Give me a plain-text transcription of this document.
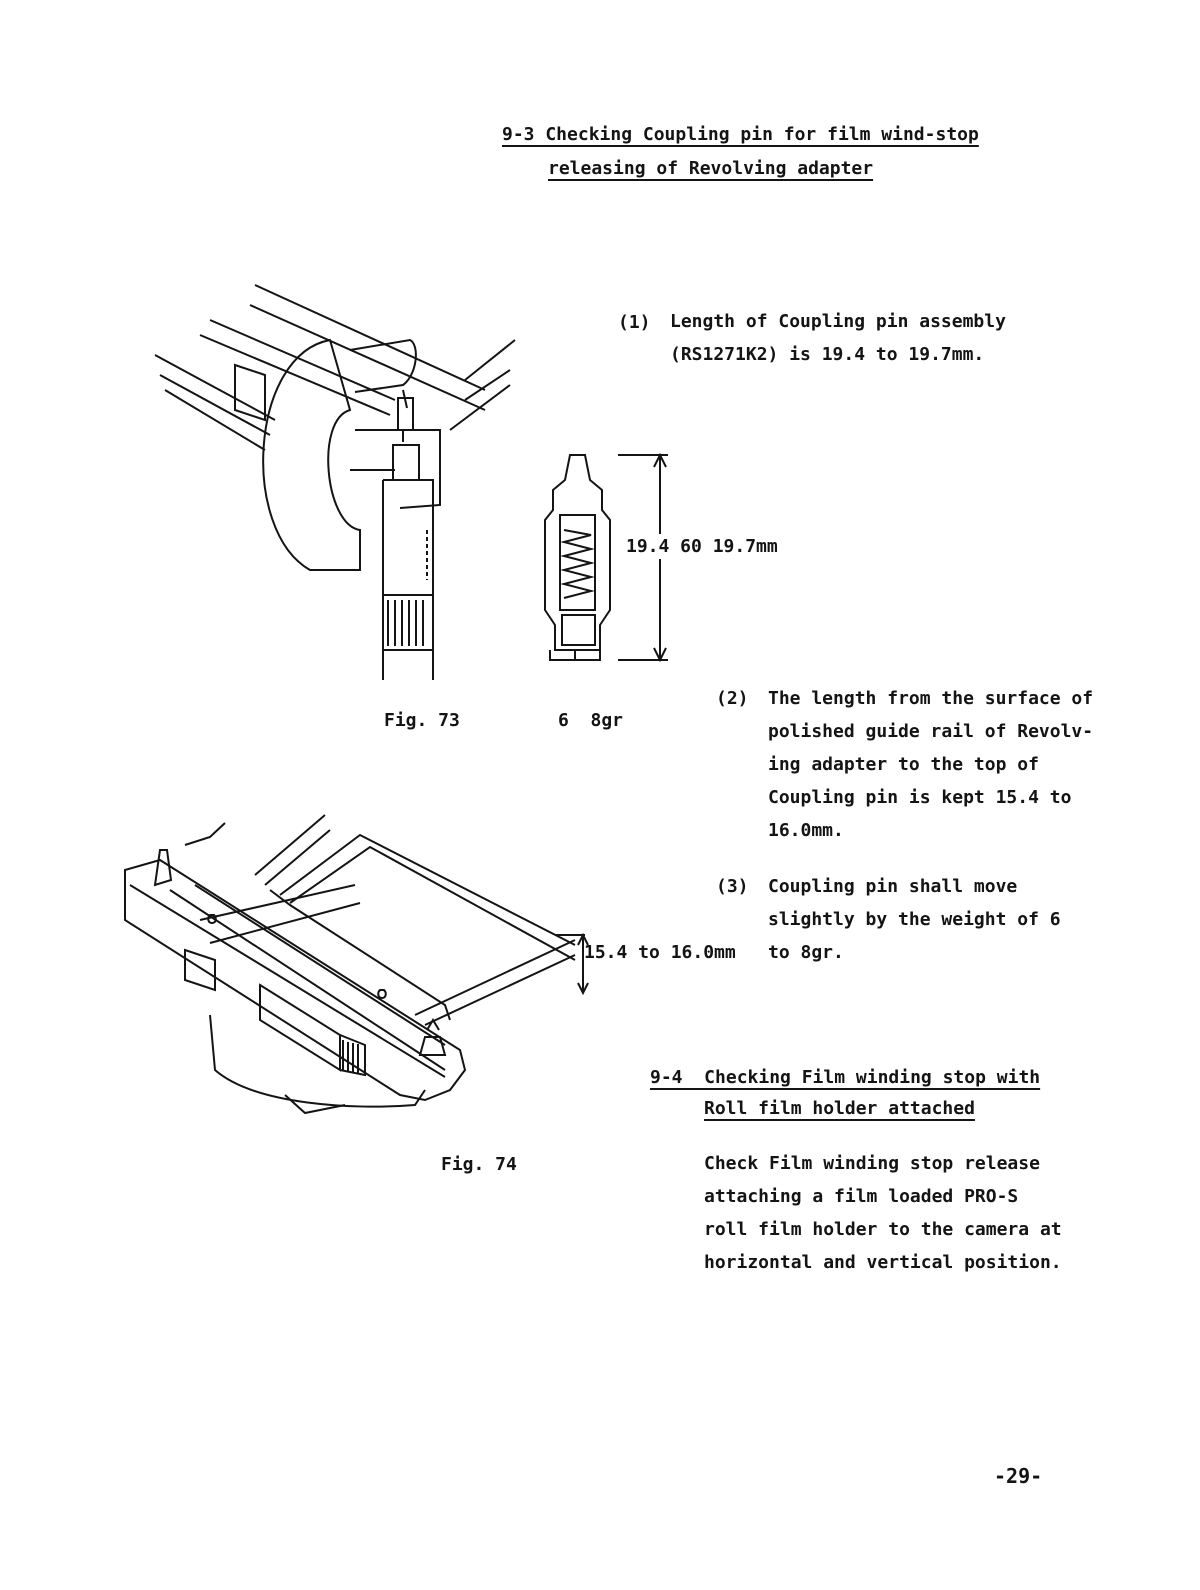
9-3 Checking Coupling pin for film wind-stop
releasing of Revolving adapter
Fig. 73
19.4 60 19.7mm
6  8gr
(1)	Length of Coupling pin assembly
(RS1271K2) is 19.4 to 19.7mm.
(2)	The length from the surface of
polished guide rail of Revolv-
ing adapter to the top of
Coupling pin is kept 15.4 to
16.0mm.
15.4 to 16.0mm
Fig. 74
(3)	Coupling pin shall move
slightly by the weight of 6
to 8gr.
9-4  Checking Film winding stop with
Roll film holder attached
Check Film winding stop release
attaching a film loaded PRO-S
roll film holder to the camera at
horizontal and vertical position.
-29-
